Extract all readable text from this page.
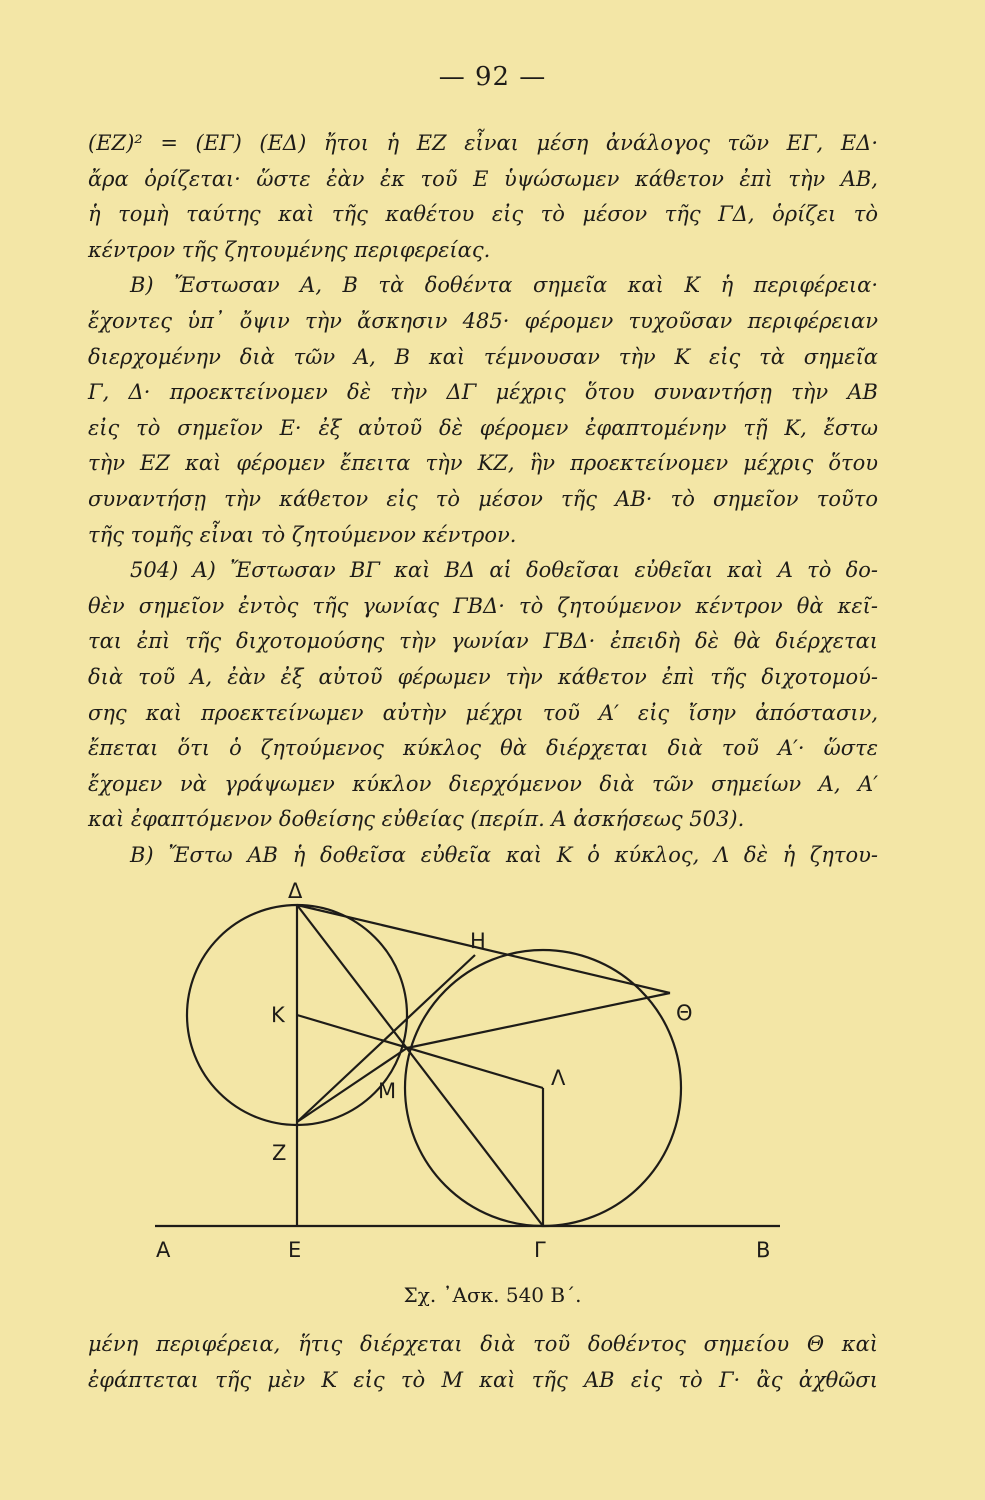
— 92 —
(ΕΖ)² = (ΕΓ) (ΕΔ) ἤτοι ἡ ΕΖ εἶναι μέση ἀνάλογος τῶν ΕΓ, ΕΔ·
ἄρα ὁρίζεται· ὥστε ἐὰν ἐκ τοῦ Ε ὑψώσωμεν κάθετον ἐπὶ τὴν ΑΒ,
ἡ τομὴ ταύτης καὶ τῆς καθέτου εἰς τὸ μέσον τῆς ΓΔ, ὁρίζει τὸ
κέντρον τῆς ζητουμένης περιφερείας.
Β) Ἔστωσαν Α, Β τὰ δοθέντα σημεῖα καὶ Κ ἡ περιφέρεια·
ἔχοντες ὑπ᾿ ὄψιν τὴν ἄσκησιν 485· φέρομεν τυχοῦσαν περιφέρειαν
διερχομένην διὰ τῶν Α, Β καὶ τέμνουσαν τὴν Κ εἰς τὰ σημεῖα
Γ, Δ· προεκτείνομεν δὲ τὴν ΔΓ μέχρις ὅτου συναντήσῃ τὴν ΑΒ
εἰς τὸ σημεῖον Ε· ἐξ αὐτοῦ δὲ φέρομεν ἐφαπτομένην τῇ Κ, ἔστω
τὴν ΕΖ καὶ φέρομεν ἔπειτα τὴν ΚΖ, ἣν προεκτείνομεν μέχρις ὅτου
συναντήσῃ τὴν κάθετον εἰς τὸ μέσον τῆς ΑΒ· τὸ σημεῖον τοῦτο
τῆς τομῆς εἶναι τὸ ζητούμενον κέντρον.
504) Α) Ἔστωσαν ΒΓ καὶ ΒΔ αἱ δοθεῖσαι εὐθεῖαι καὶ Α τὸ δο-
θὲν σημεῖον ἐντὸς τῆς γωνίας ΓΒΔ· τὸ ζητούμενον κέντρον θὰ κεῖ-
ται ἐπὶ τῆς διχοτομούσης τὴν γωνίαν ΓΒΔ· ἐπειδὴ δὲ θὰ διέρχεται
διὰ τοῦ Α, ἐὰν ἐξ αὐτοῦ φέρωμεν τὴν κάθετον ἐπὶ τῆς διχοτομού-
σης καὶ προεκτείνωμεν αὐτὴν μέχρι τοῦ Α′ εἰς ἴσην ἀπόστασιν,
ἔπεται ὅτι ὁ ζητούμενος κύκλος θὰ διέρχεται διὰ τοῦ Α′· ὥστε
ἔχομεν νὰ γράψωμεν κύκλον διερχόμενον διὰ τῶν σημείων Α, Α′
καὶ ἐφαπτόμενον δοθείσης εὐθείας (περίπ. Α ἀσκήσεως 503).
Β) Ἔστω ΑΒ ἡ δοθεῖσα εὐθεῖα καὶ Κ ὁ κύκλος, Λ δὲ ἡ ζητου-
Δ
Η
Θ
Κ
Λ
Μ
Ζ
Α	Ε	Γ	Β
Σχ. ᾿Ασκ. 540 Β΄.
μένη περιφέρεια, ἥτις διέρχεται διὰ τοῦ δοθέντος σημείου Θ καὶ
ἐφάπτεται τῆς μὲν Κ εἰς τὸ Μ καὶ τῆς ΑΒ εἰς τὸ Γ· ἂς ἀχθῶσι
